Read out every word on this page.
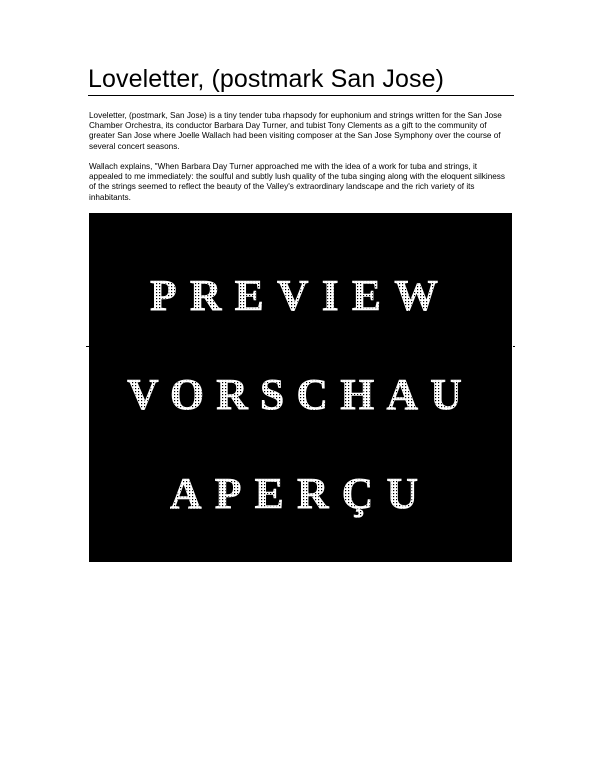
Loveletter, (postmark San Jose)

Loveletter, (postmark, San Jose) is a tiny tender tuba rhapsody for euphonium and strings written for the San Jose Chamber Orchestra, its conductor Barbara Day Turner, and tubist Tony Clements as a gift to the community of greater San Jose where Joelle Wallach had been visiting composer at the San Jose Symphony over the course of several concert seasons.

Wallach explains, "When Barbara Day Turner approached me with the idea of a work for tuba and strings, it appealed to me immediately: the soulful and subtly lush quality of the tuba singing along with the eloquent silkiness of the strings seemed to reflect the beauty of the Valley's extraordinary landscape and the rich variety of its inhabitants.

PREVIEW
VORSCHAU
APERÇU
